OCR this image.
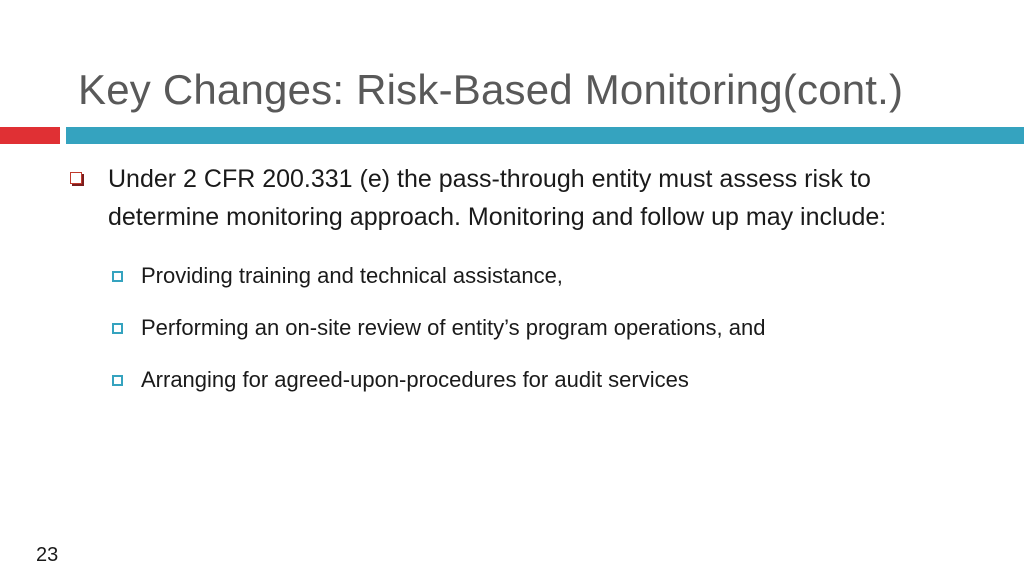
Key Changes: Risk-Based Monitoring(cont.)
Under 2 CFR 200.331 (e) the pass-through entity must assess risk to determine monitoring approach. Monitoring and follow up may include:
Providing training and technical assistance,
Performing an on-site review of entity’s program operations, and
Arranging for agreed-upon-procedures for audit services
23
